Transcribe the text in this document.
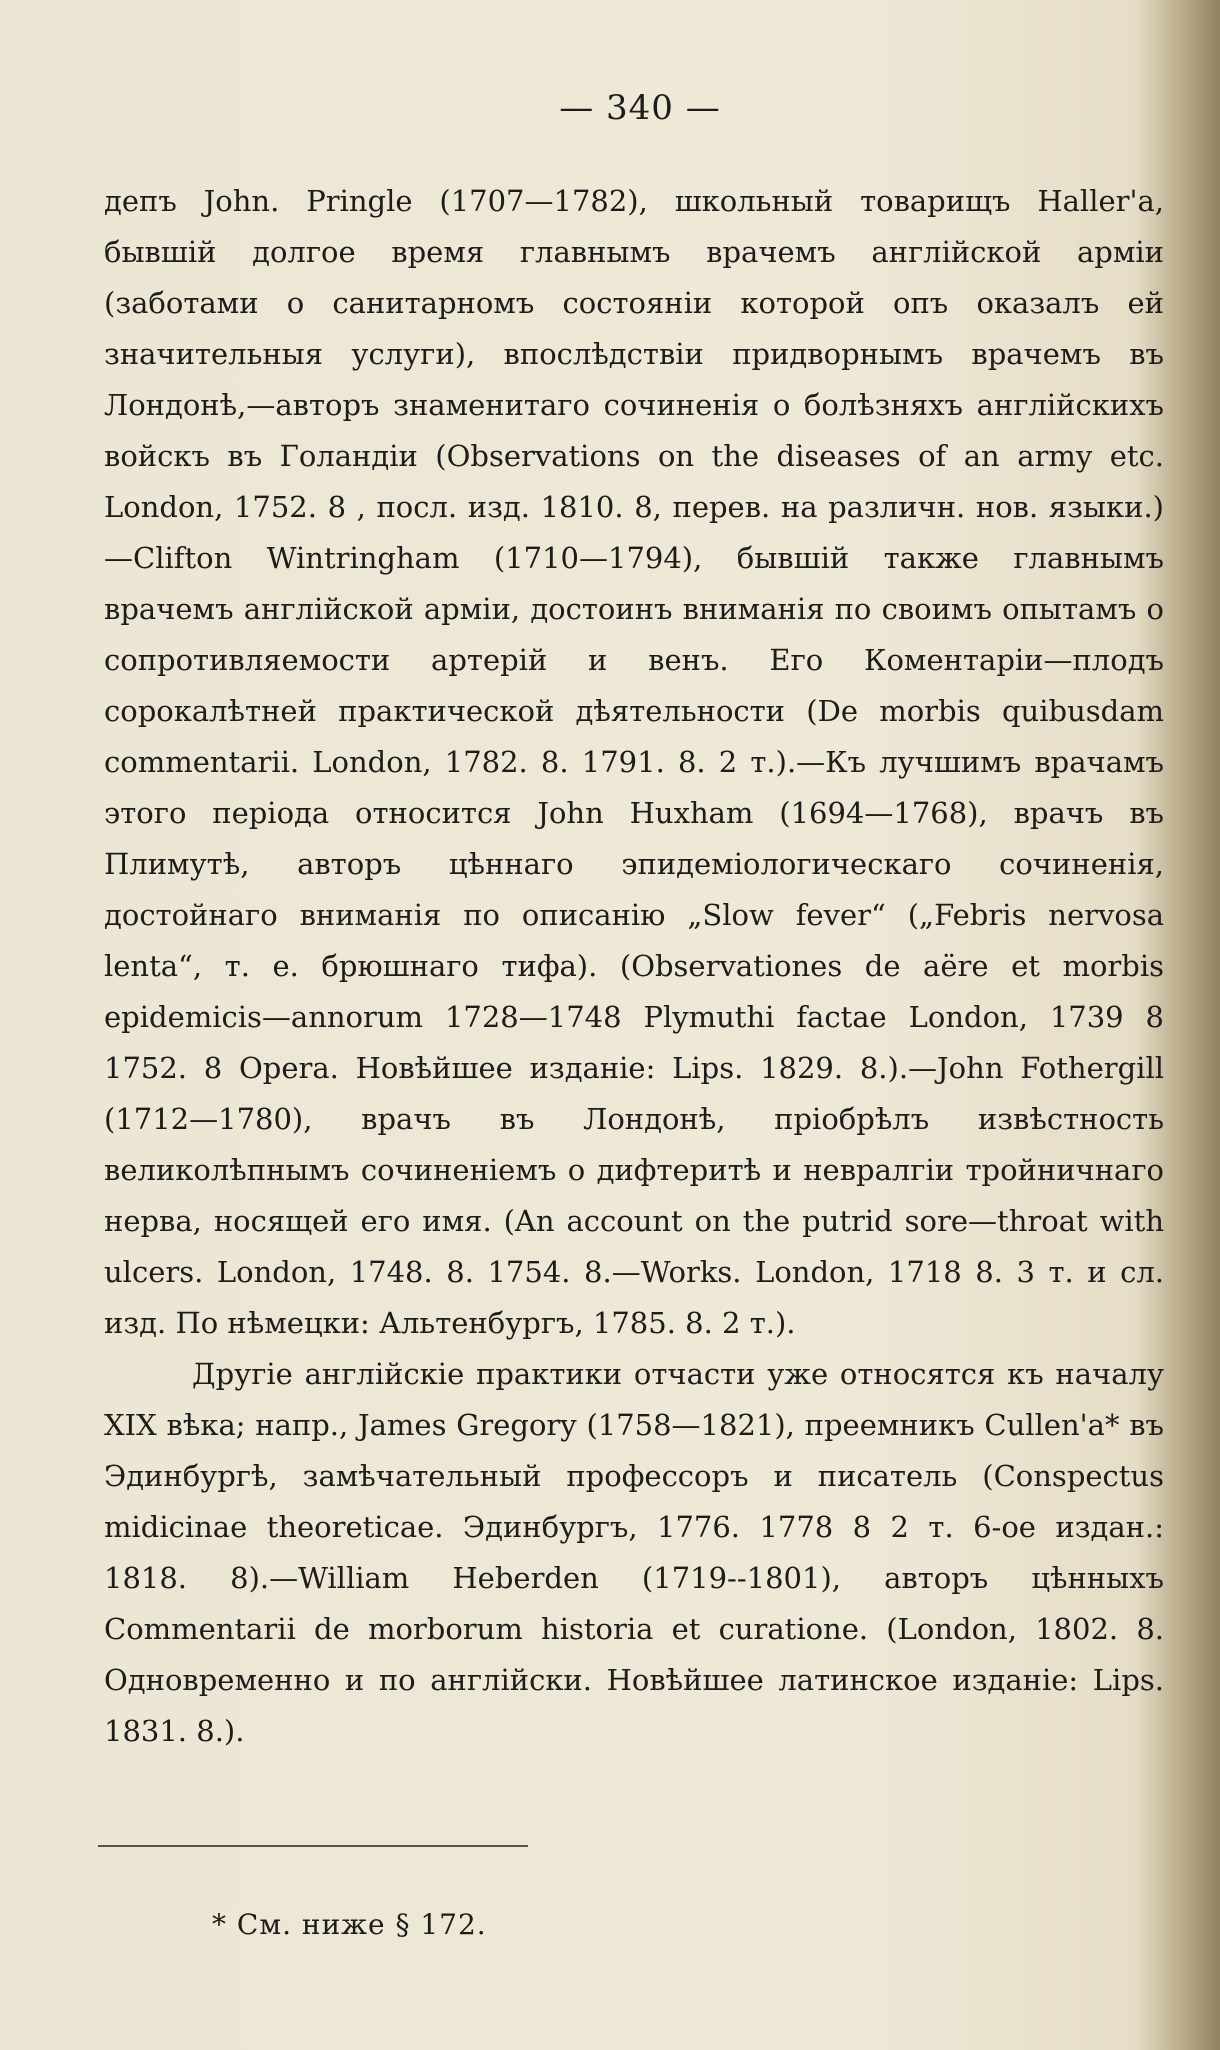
— 340 —

депъ John. Pringle (1707—1782), школьный товарищъ Haller'а, бывшій долгое время главнымъ врачемъ англійской арміи (заботами о санитарномъ состояніи которой опъ оказалъ ей значительныя услуги), впослѣдствіи придворнымъ врачемъ въ Лондонѣ,—авторъ знаменитаго сочиненія о болѣзняхъ англійскихъ войскъ въ Голандіи (Observations on the diseases of an army etc. London, 1752. 8 , посл. изд. 1810. 8, перев. на различн. нов. языки.)—Clifton Wintringham (1710—1794), бывшій также главнымъ врачемъ англійской арміи, достоинъ вниманія по своимъ опытамъ о сопротивляемости артерій и венъ. Его Коментаріи—плодъ сорокалѣтней практической дѣятельности (De morbis quibusdam commentarii. London, 1782. 8. 1791. 8. 2 т.).—Къ лучшимъ врачамъ этого періода относится John Huxham (1694—1768), врачъ въ Плимутѣ, авторъ цѣннаго эпидеміологическаго сочиненія, достойнаго вниманія по описанію „Slow fever“ („Febris nervosa lenta“, т. е. брюшнаго тифа). (Observationes de aëre et morbis epidemicis—annorum 1728—1748 Plymuthi factae London, 1739 8 1752. 8 Opera. Новѣйшее изданіе: Lips. 1829. 8.).—John Fothergill (1712—1780), врачъ въ Лондонѣ, пріобрѣлъ извѣстность великолѣпнымъ сочиненіемъ о дифтеритѣ и невралгіи тройничнаго нерва, носящей его имя. (An account on the putrid sore—throat with ulcers. London, 1748. 8. 1754. 8.—Works. London, 1718 8. 3 т. и сл. изд. По нѣмецки: Альтенбургъ, 1785. 8. 2 т.).

Другіе англійскіе практики отчасти уже относятся къ началу XIX вѣка; напр., James Gregory (1758—1821), преемникъ Cullen'а* въ Эдинбургѣ, замѣчательный профессоръ и писатель (Conspectus midicinae theoreticae. Эдинбургъ, 1776. 1778 8 2 т. 6-ое издан.: 1818. 8).—William Heberden (1719--1801), авторъ цѣнныхъ Commentarii de morborum historia et curatione. (London, 1802. 8. Одновременно и по англійски. Новѣйшее латинское изданіе: Lips. 1831. 8.).

* См. ниже § 172.
